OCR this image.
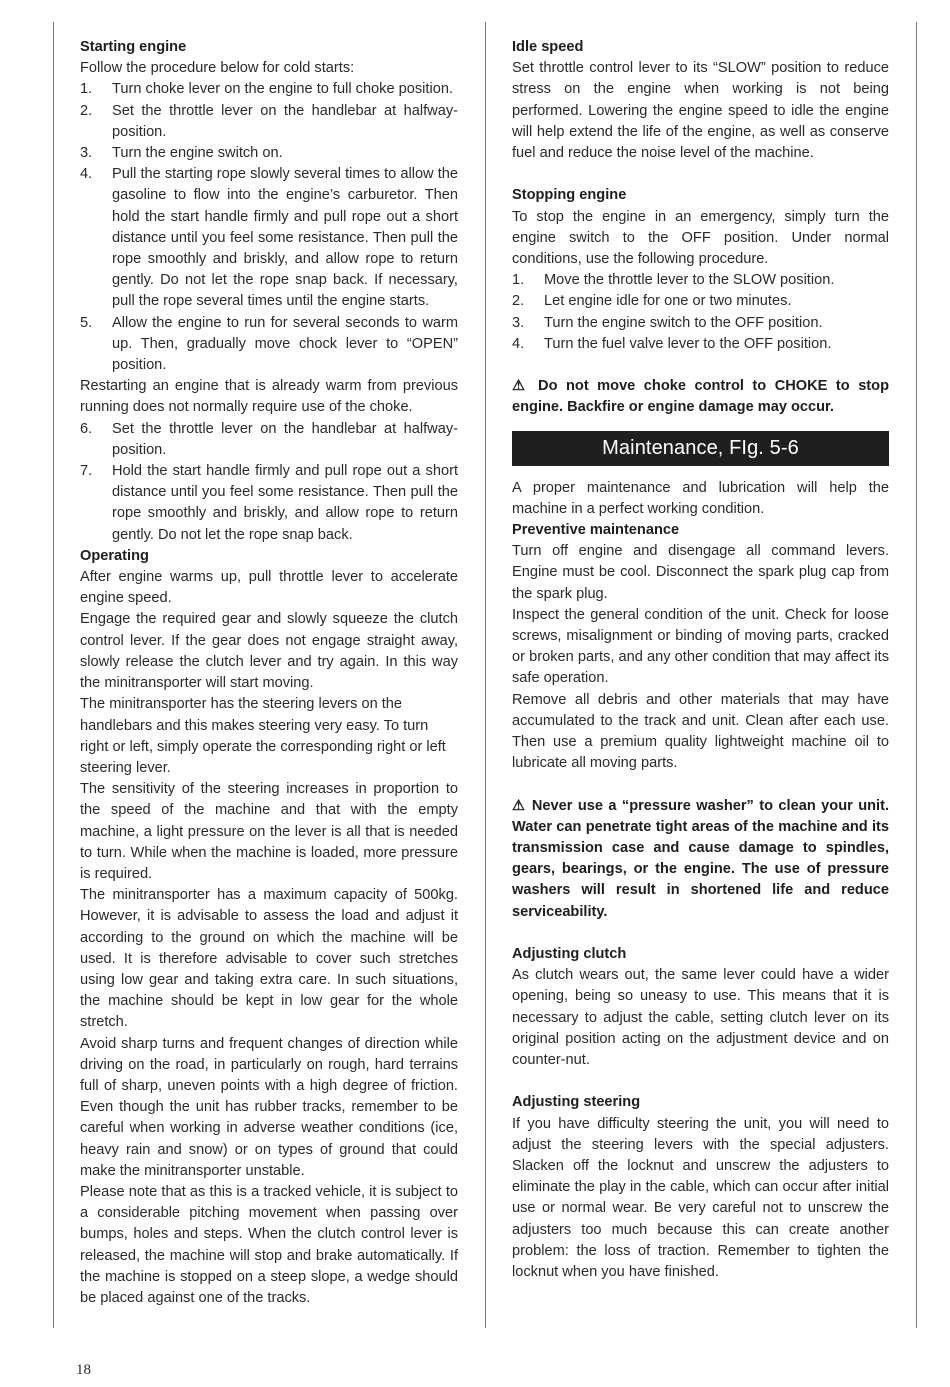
Starting engine

Follow the procedure below for cold starts:

1. Turn choke lever on the engine to full choke position.
2. Set the throttle lever on the handlebar at halfway-position.
3. Turn the engine switch on.
4. Pull the starting rope slowly several times to allow the gasoline to flow into the engine’s carburetor. Then hold the start handle firmly and pull rope out a short distance until you feel some resistance. Then pull the rope smoothly and briskly, and allow rope to return gently. Do not let the rope snap back. If necessary, pull the rope several times until the engine starts.
5. Allow the engine to run for several seconds to warm up. Then, gradually move chock lever to “OPEN” position.

Restarting an engine that is already warm from previous running does not normally require use of the choke.

6. Set the throttle lever on the handlebar at halfway-position.
7. Hold the start handle firmly and pull rope out a short distance until you feel some resistance. Then pull the rope smoothly and briskly, and allow rope to return gently. Do not let the rope snap back.

Operating

After engine warms up, pull throttle lever to accelerate engine speed.

Engage the required gear and slowly squeeze the clutch control lever. If the gear does not engage straight away, slowly release the clutch lever and try again. In this way the minitransporter will start moving.

The minitransporter has the steering levers on the handlebars and this makes steering very easy. To turn right or left, simply operate the corresponding right or left steering lever.

The sensitivity of the steering increases in proportion to the speed of the machine and that with the empty machine, a light pressure on the lever is all that is needed to turn. While when the machine is loaded, more pressure is required.

The minitransporter has a maximum capacity of 500kg. However, it is advisable to assess the load and adjust it according to the ground on which the machine will be used. It is therefore advisable to cover such stretches using low gear and taking extra care. In such situations, the machine should be kept in low gear for the whole stretch.

Avoid sharp turns and frequent changes of direction while driving on the road, in particularly on rough, hard terrains full of sharp, uneven points with a high degree of friction. Even though the unit has rubber tracks, remember to be careful when working in adverse weather conditions (ice, heavy rain and snow) or on types of ground that could make the minitransporter unstable.

Please note that as this is a tracked vehicle, it is subject to a considerable pitching movement when passing over bumps, holes and steps. When the clutch control lever is released, the machine will stop and brake automatically. If the machine is stopped on a steep slope, a wedge should be placed against one of the tracks.

Idle speed

Set throttle control lever to its “SLOW” position to reduce stress on the engine when working is not being performed. Lowering the engine speed to idle the engine will help extend the life of the engine, as well as conserve fuel and reduce the noise level of the machine.

Stopping engine

To stop the engine in an emergency, simply turn the engine switch to the OFF position. Under normal conditions, use the following procedure.

1. Move the throttle lever to the SLOW position.
2. Let engine idle for one or two minutes.
3. Turn the engine switch to the OFF position.
4. Turn the fuel valve lever to the OFF position.

⚠ Do not move choke control to CHOKE to stop engine. Backfire or engine damage may occur.

Maintenance, FIg. 5-6

A proper maintenance and lubrication will help the machine in a perfect working condition.

Preventive maintenance

Turn off engine and disengage all command levers. Engine must be cool. Disconnect the spark plug cap from the spark plug.

Inspect the general condition of the unit. Check for loose screws, misalignment or binding of moving parts, cracked or broken parts, and any other condition that may affect its safe operation.

Remove all debris and other materials that may have accumulated to the track and unit. Clean after each use. Then use a premium quality lightweight machine oil to lubricate all moving parts.

⚠ Never use a “pressure washer” to clean your unit. Water can penetrate tight areas of the machine and its transmission case and cause damage to spindles, gears, bearings, or the engine. The use of pressure washers will result in shortened life and reduce serviceability.

Adjusting clutch

As clutch wears out, the same lever could have a wider opening, being so uneasy to use. This means that it is necessary to adjust the cable, setting clutch lever on its original position acting on the adjustment device and on counter-nut.

Adjusting steering

If you have difficulty steering the unit, you will need to adjust the steering levers with the special adjusters. Slacken off the locknut and unscrew the adjusters to eliminate the play in the cable, which can occur after initial use or normal wear. Be very careful not to unscrew the adjusters too much because this can create another problem: the loss of traction. Remember to tighten the locknut when you have finished.

18
